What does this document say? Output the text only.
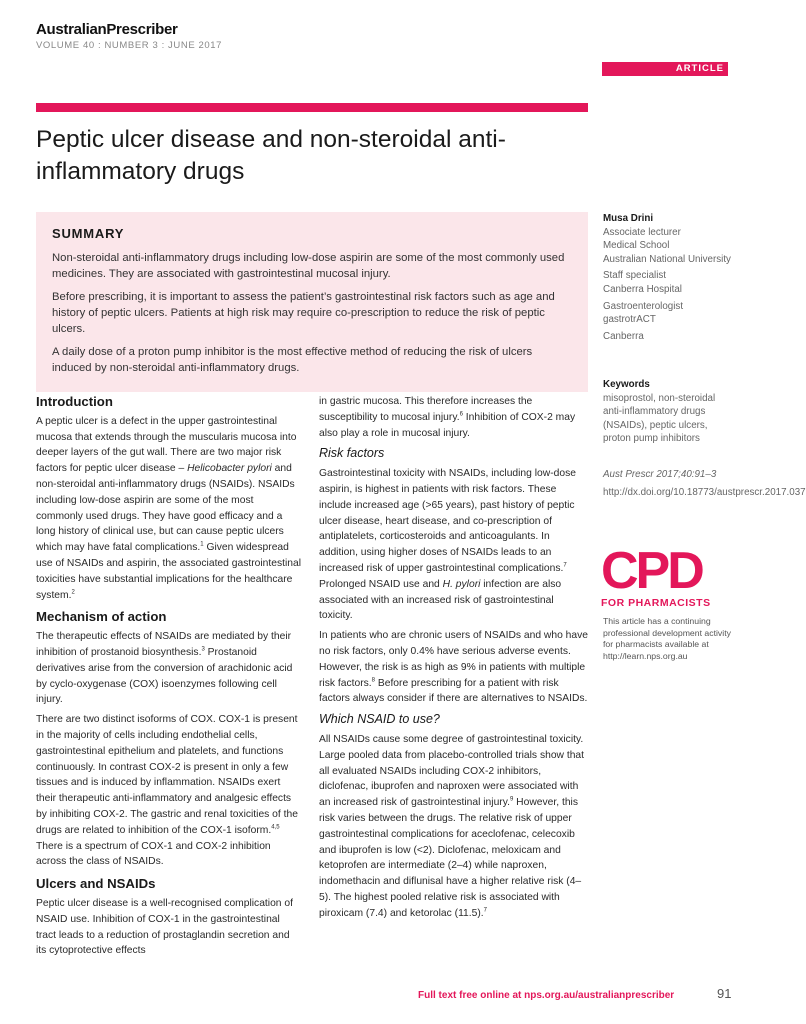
AustralianPrescriber
VOLUME 40 : NUMBER 3 : JUNE 2017
ARTICLE
Peptic ulcer disease and non-steroidal anti-inflammatory drugs
SUMMARY

Non-steroidal anti-inflammatory drugs including low-dose aspirin are some of the most commonly used medicines. They are associated with gastrointestinal mucosal injury.

Before prescribing, it is important to assess the patient’s gastrointestinal risk factors such as age and history of peptic ulcers. Patients at high risk may require co-prescription to reduce the risk of peptic ulcers.

A daily dose of a proton pump inhibitor is the most effective method of reducing the risk of ulcers induced by non-steroidal anti-inflammatory drugs.

Musa Drini
Associate lecturer
Medical School
Australian National University

Staff specialist
Canberra Hospital

Gastroenterologist
gastrotrACT

Canberra

Keywords
misoprostol, non-steroidal anti-inflammatory drugs (NSAIDs), peptic ulcers, proton pump inhibitors
Aust Prescr 2017;40:91–3
http://dx.doi.org/10.18773/austprescr.2017.037
CPD
FOR PHARMACISTS
This article has a continuing professional development activity for pharmacists available at http://learn.nps.org.au
Introduction

A peptic ulcer is a defect in the upper gastrointestinal mucosa that extends through the muscularis mucosa into deeper layers of the gut wall. There are two major risk factors for peptic ulcer disease – Helicobacter pylori and non-steroidal anti-inflammatory drugs (NSAIDs). NSAIDs including low-dose aspirin are some of the most commonly used drugs. They have good efficacy and a long history of clinical use, but can cause peptic ulcers which may have fatal complications.$^1$ Given widespread use of NSAIDs and aspirin, the associated gastrointestinal toxicities have substantial implications for the healthcare system.$^2$

Mechanism of action

The therapeutic effects of NSAIDs are mediated by their inhibition of prostanoid biosynthesis.$^3$ Prostanoid derivatives arise from the conversion of arachidonic acid by cyclo-oxygenase (COX) isoenzymes following cell injury.

There are two distinct isoforms of COX. COX-1 is present in the majority of cells including endothelial cells, gastrointestinal epithelium and platelets, and functions continuously. In contrast COX-2 is present in only a few tissues and is induced by inflammation. NSAIDs exert their therapeutic anti-inflammatory and analgesic effects by inhibiting COX-2. The gastric and renal toxicities of the drugs are related to inhibition of the COX-1 isoform.$^{4,5}$ There is a spectrum of COX-1 and COX-2 inhibition across the class of NSAIDs.

Ulcers and NSAIDs

Peptic ulcer disease is a well-recognised complication of NSAID use. Inhibition of COX-1 in the gastrointestinal tract leads to a reduction of prostaglandin secretion and its cytoprotective effects

in gastric mucosa. This therefore increases the susceptibility to mucosal injury.$^6$ Inhibition of COX-2 may also play a role in mucosal injury.

Risk factors

Gastrointestinal toxicity with NSAIDs, including low-dose aspirin, is highest in patients with risk factors. These include increased age (>65 years), past history of peptic ulcer disease, heart disease, and co-prescription of antiplatelets, corticosteroids and anticoagulants. In addition, using higher doses of NSAIDs leads to an increased risk of upper gastrointestinal complications.$^7$ Prolonged NSAID use and H. pylori infection are also associated with an increased risk of gastrointestinal toxicity.

In patients who are chronic users of NSAIDs and who have no risk factors, only 0.4% have serious adverse events. However, the risk is as high as 9% in patients with multiple risk factors.$^8$ Before prescribing for a patient with risk factors always consider if there are alternatives to NSAIDs.

Which NSAID to use?

All NSAIDs cause some degree of gastrointestinal toxicity. Large pooled data from placebo-controlled trials show that all evaluated NSAIDs including COX-2 inhibitors, diclofenac, ibuprofen and naproxen were associated with an increased risk of gastrointestinal injury.$^9$ However, this risk varies between the drugs. The relative risk of upper gastrointestinal complications for aceclofenac, celecoxib and ibuprofen is low (<2). Diclofenac, meloxicam and ketoprofen are intermediate (2–4) while naproxen, indomethacin and diflunisal have a higher relative risk (4–5). The highest pooled relative risk is associated with piroxicam (7.4) and ketorolac (11.5).$^7$

Full text free online at nps.org.au/australianprescriber	91
